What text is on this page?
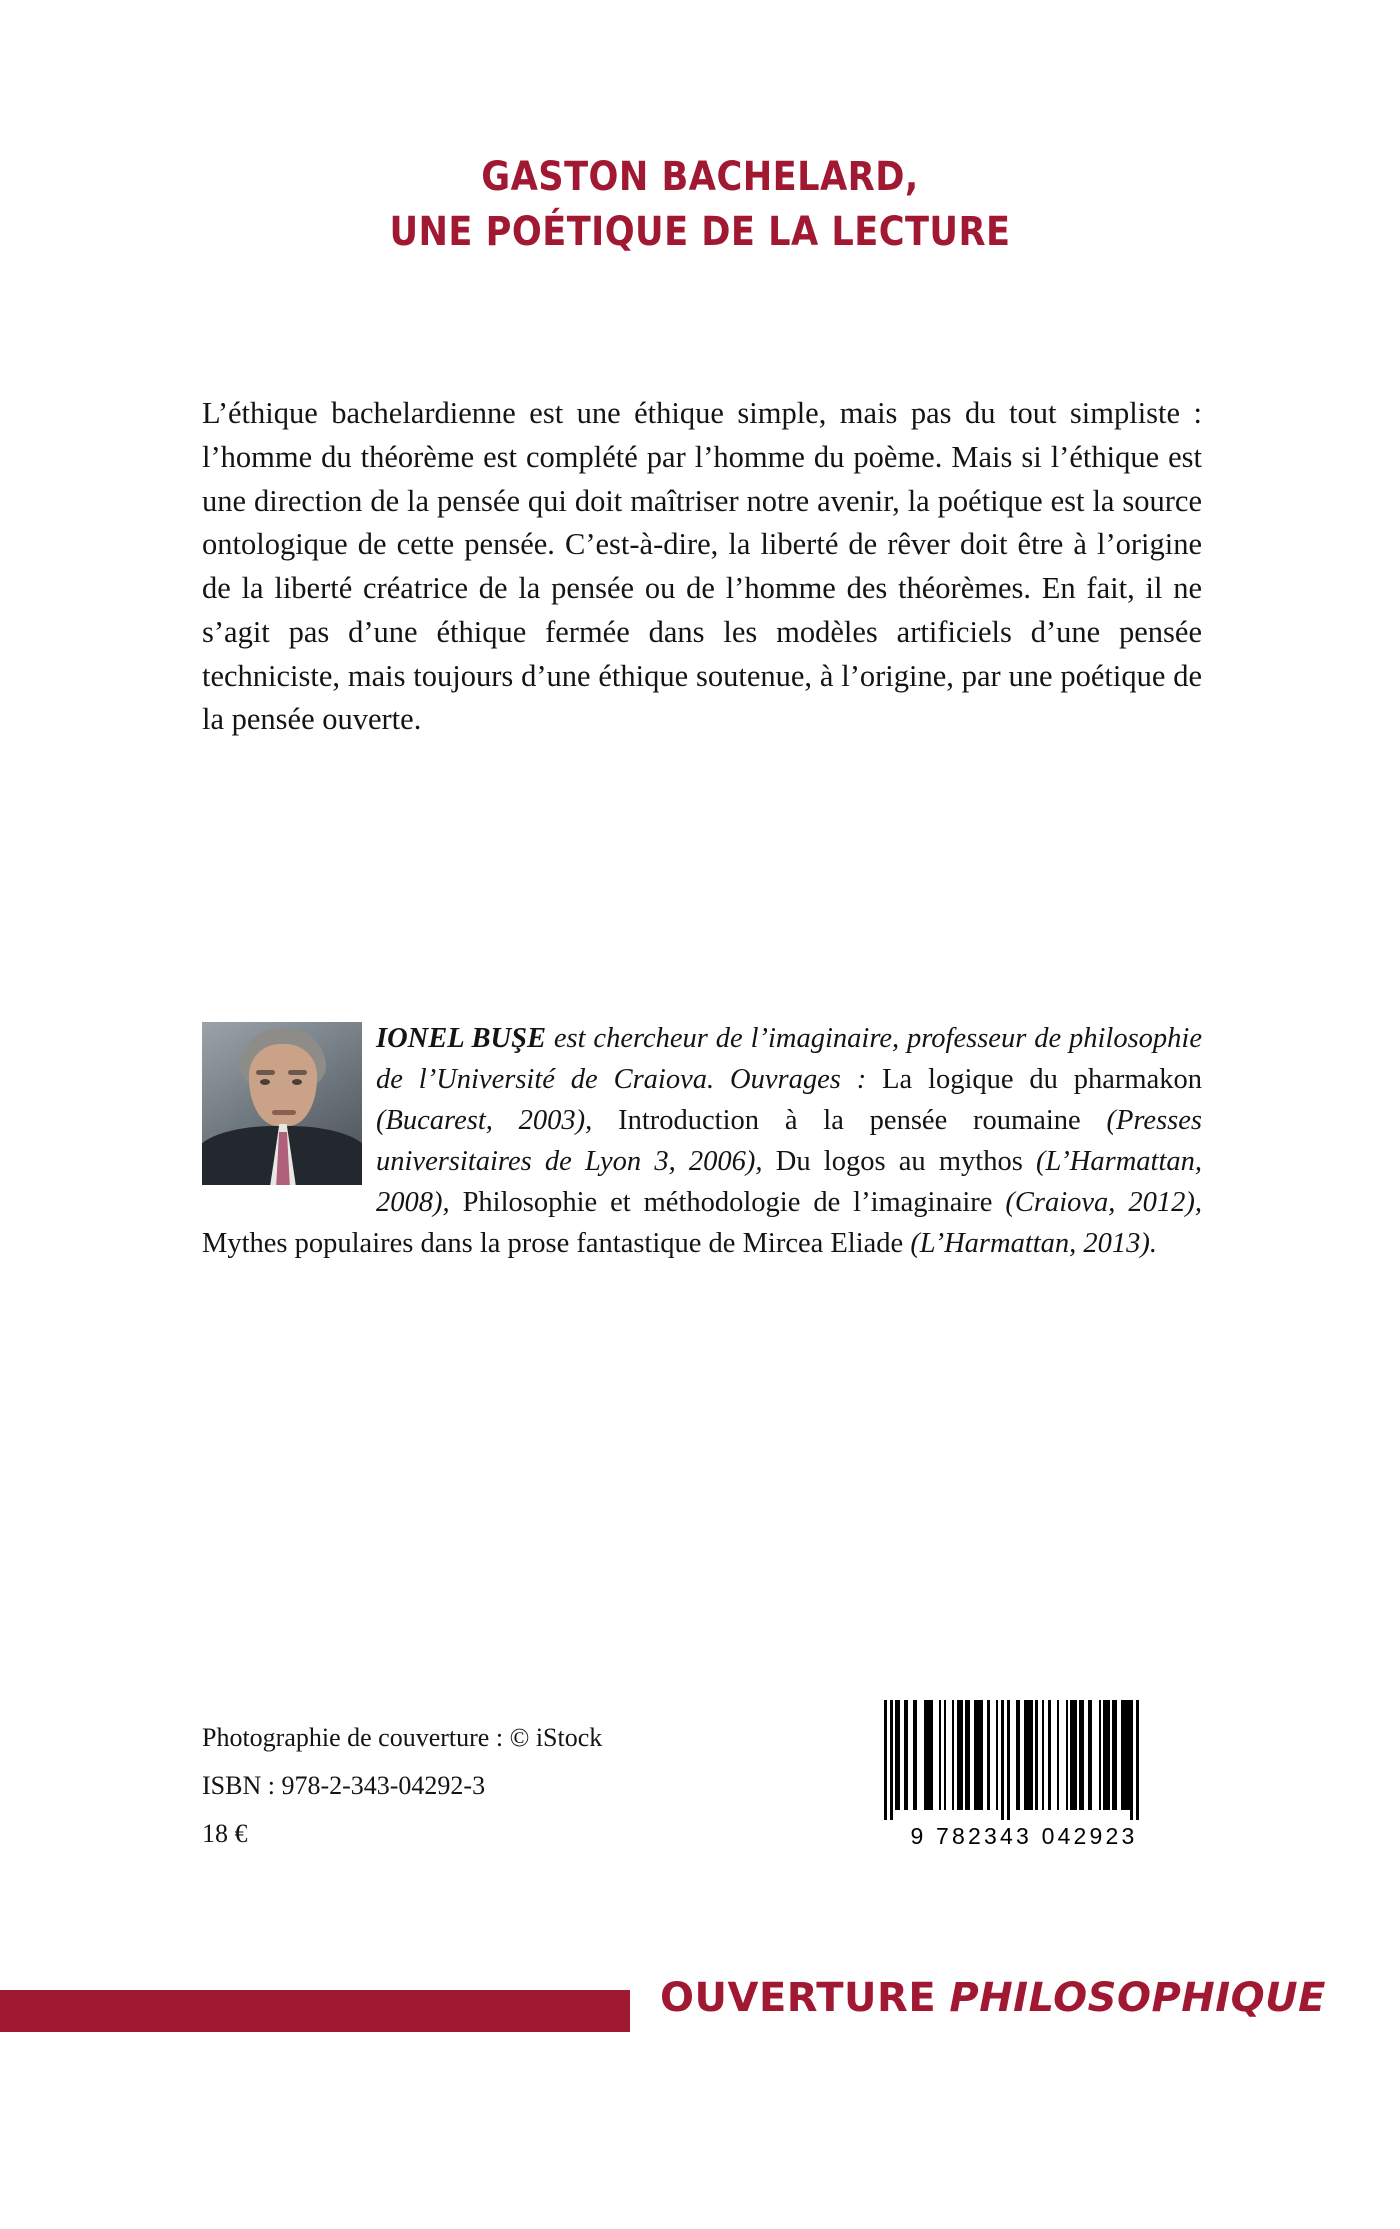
GASTON BACHELARD,
UNE POÉTIQUE DE LA LECTURE
L’éthique bachelardienne est une éthique simple, mais pas du tout simpliste : l’homme du théorème est complété par l’homme du poème. Mais si l’éthique est une direction de la pensée qui doit maîtriser notre avenir, la poétique est la source ontologique de cette pensée. C’est-à-dire, la liberté de rêver doit être à l’origine de la liberté créatrice de la pensée ou de l’homme des théorèmes. En fait, il ne s’agit pas d’une éthique fermée dans les modèles artificiels d’une pensée techniciste, mais toujours d’une éthique soutenue, à l’origine, par une poétique de la pensée ouverte.
IONEL BUŞE est chercheur de l’imaginaire, professeur de philosophie de l’Université de Craiova. Ouvrages : La logique du pharmakon (Bucarest, 2003), Introduction à la pensée roumaine (Presses universitaires de Lyon 3, 2006), Du logos au mythos (L’Harmattan, 2008), Philosophie et méthodologie de l’imaginaire (Craiova, 2012), Mythes populaires dans la prose fantastique de Mircea Eliade (L’Harmattan, 2013).
Photographie de couverture : © iStock
ISBN : 978-2-343-04292-3
18 €	9 782343 042923
OUVERTURE PHILOSOPHIQUE
